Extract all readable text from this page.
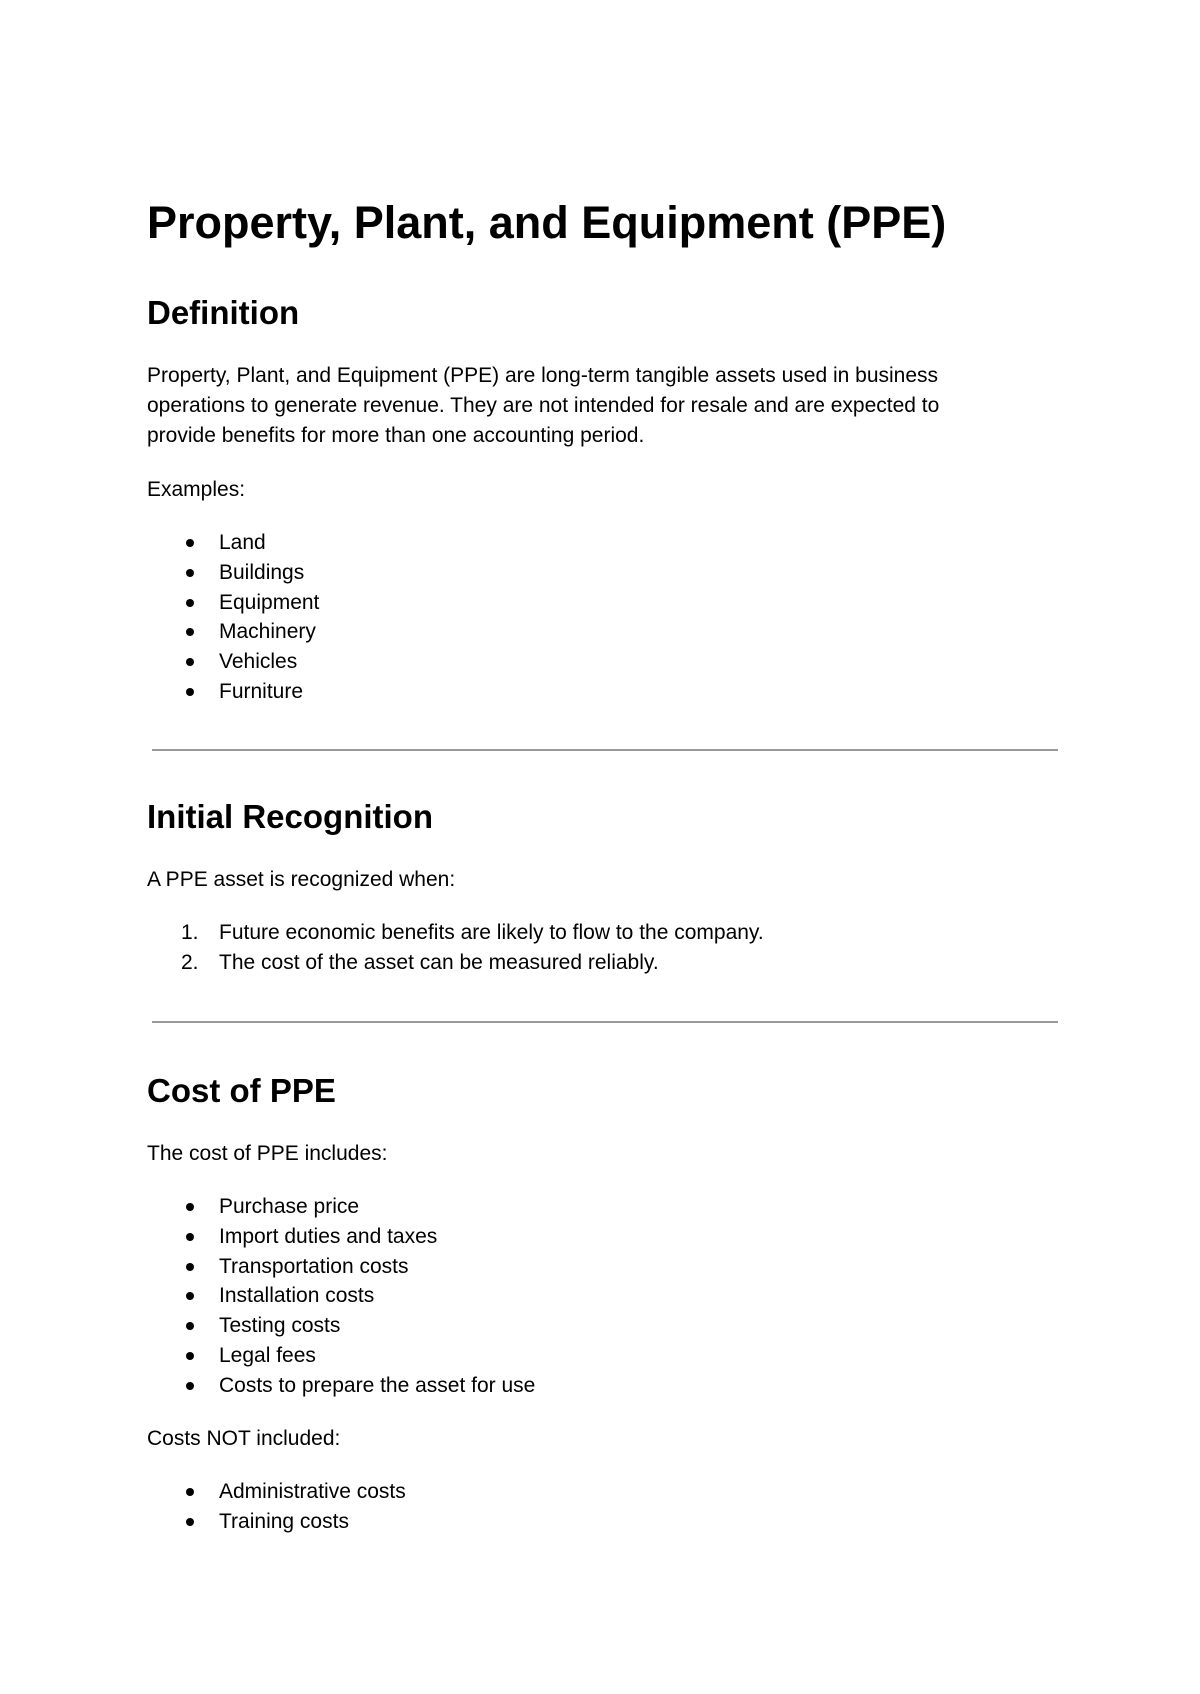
Property, Plant, and Equipment (PPE)
Definition

Property, Plant, and Equipment (PPE) are long-term tangible assets used in business
operations to generate revenue. They are not intended for resale and are expected to
provide benefits for more than one accounting period.

Examples:

Land
Buildings
Equipment
Machinery
Vehicles
Furniture
Initial Recognition

A PPE asset is recognized when:

1. Future economic benefits are likely to flow to the company.
2. The cost of the asset can be measured reliably.
Cost of PPE

The cost of PPE includes:

Purchase price
Import duties and taxes
Transportation costs
Installation costs
Testing costs
Legal fees
Costs to prepare the asset for use

Costs NOT included:

Administrative costs
Training costs
